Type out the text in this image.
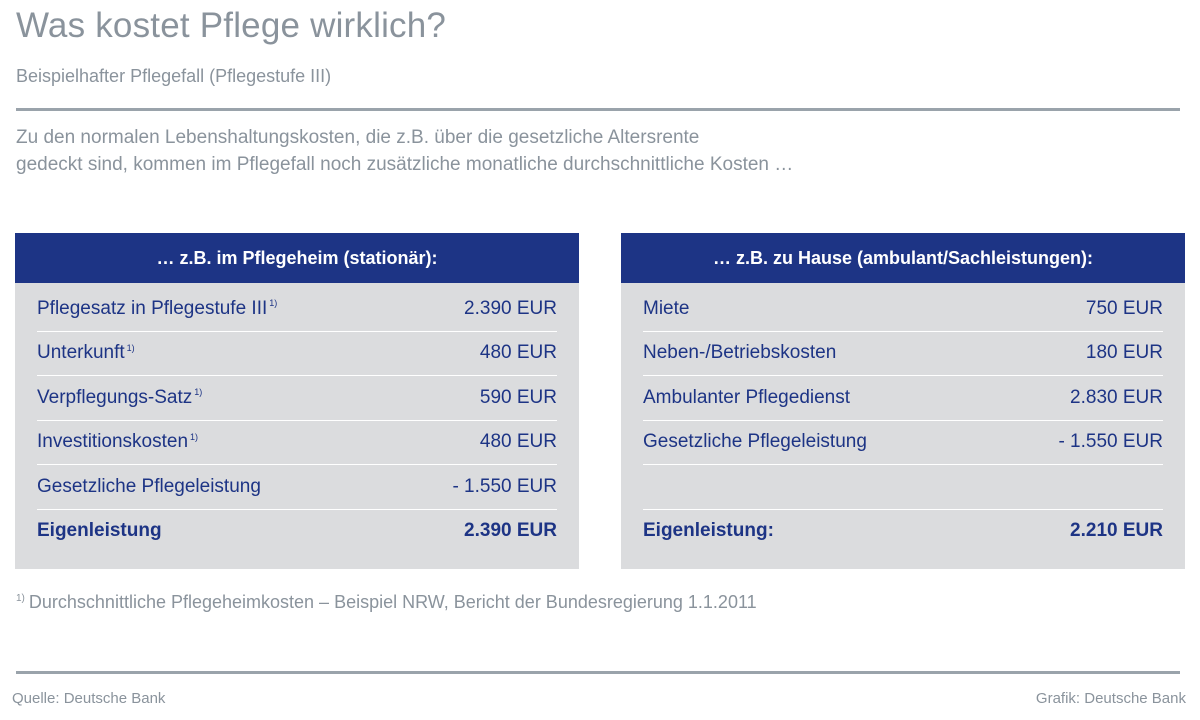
Was kostet Pflege wirklich?
Beispielhafter Pflegefall (Pflegestufe III)
Zu den normalen Lebenshaltungskosten, die z.B. über die gesetzliche Altersrente
gedeckt sind, kommen im Pflegefall noch zusätzliche monatliche durchschnittliche Kosten …
… z.B. im Pflegeheim (stationär):
Pflegesatz in Pflegestufe III $^{1)}$	2.390 EUR
Unterkunft $^{1)}$	480 EUR
Verpflegungs-Satz $^{1)}$	590 EUR
Investitionskosten $^{1)}$	480 EUR
Gesetzliche Pflegeleistung	- 1.550 EUR
Eigenleistung	2.390 EUR
… z.B. zu Hause (ambulant/Sachleistungen):
Miete	750 EUR
Neben-/Betriebskosten	180 EUR
Ambulanter Pflegedienst	2.830 EUR
Gesetzliche Pflegeleistung	- 1.550 EUR
Eigenleistung:	2.210 EUR
$^{1)}$ Durchschnittliche Pflegeheimkosten – Beispiel NRW, Bericht der Bundesregierung 1.1.2011
Quelle: Deutsche Bank	Grafik: Deutsche Bank
